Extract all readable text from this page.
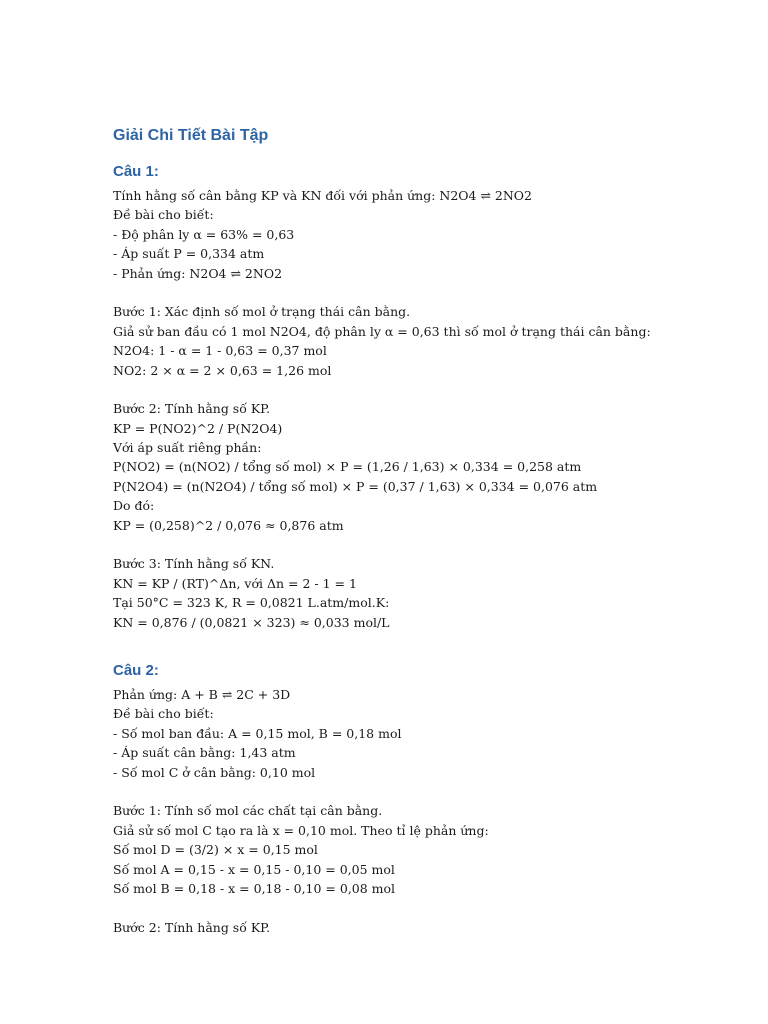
Giải Chi Tiết Bài Tập
Câu 1:
Tính hằng số cân bằng KP và KN đối với phản ứng: N2O4 ⇌ 2NO2
Đề bài cho biết:
- Độ phân ly α = 63% = 0,63
- Áp suất P = 0,334 atm
- Phản ứng: N2O4 ⇌ 2NO2
Bước 1: Xác định số mol ở trạng thái cân bằng.
Giả sử ban đầu có 1 mol N2O4, độ phân ly α = 0,63 thì số mol ở trạng thái cân bằng:
N2O4: 1 - α = 1 - 0,63 = 0,37 mol
NO2: 2 × α = 2 × 0,63 = 1,26 mol
Bước 2: Tính hằng số KP.
KP = P(NO2)^2 / P(N2O4)
Với áp suất riêng phần:
P(NO2) = (n(NO2) / tổng số mol) × P = (1,26 / 1,63) × 0,334 = 0,258 atm
P(N2O4) = (n(N2O4) / tổng số mol) × P = (0,37 / 1,63) × 0,334 = 0,076 atm
Do đó:
KP = (0,258)^2 / 0,076 ≈ 0,876 atm
Bước 3: Tính hằng số KN.
KN = KP / (RT)^Δn, với Δn = 2 - 1 = 1
Tại 50°C = 323 K, R = 0,0821 L.atm/mol.K:
KN = 0,876 / (0,0821 × 323) ≈ 0,033 mol/L
Câu 2:
Phản ứng: A + B ⇌ 2C + 3D
Đề bài cho biết:
- Số mol ban đầu: A = 0,15 mol, B = 0,18 mol
- Áp suất cân bằng: 1,43 atm
- Số mol C ở cân bằng: 0,10 mol
Bước 1: Tính số mol các chất tại cân bằng.
Giả sử số mol C tạo ra là x = 0,10 mol. Theo tỉ lệ phản ứng:
Số mol D = (3/2) × x = 0,15 mol
Số mol A = 0,15 - x = 0,15 - 0,10 = 0,05 mol
Số mol B = 0,18 - x = 0,18 - 0,10 = 0,08 mol
Bước 2: Tính hằng số KP.
